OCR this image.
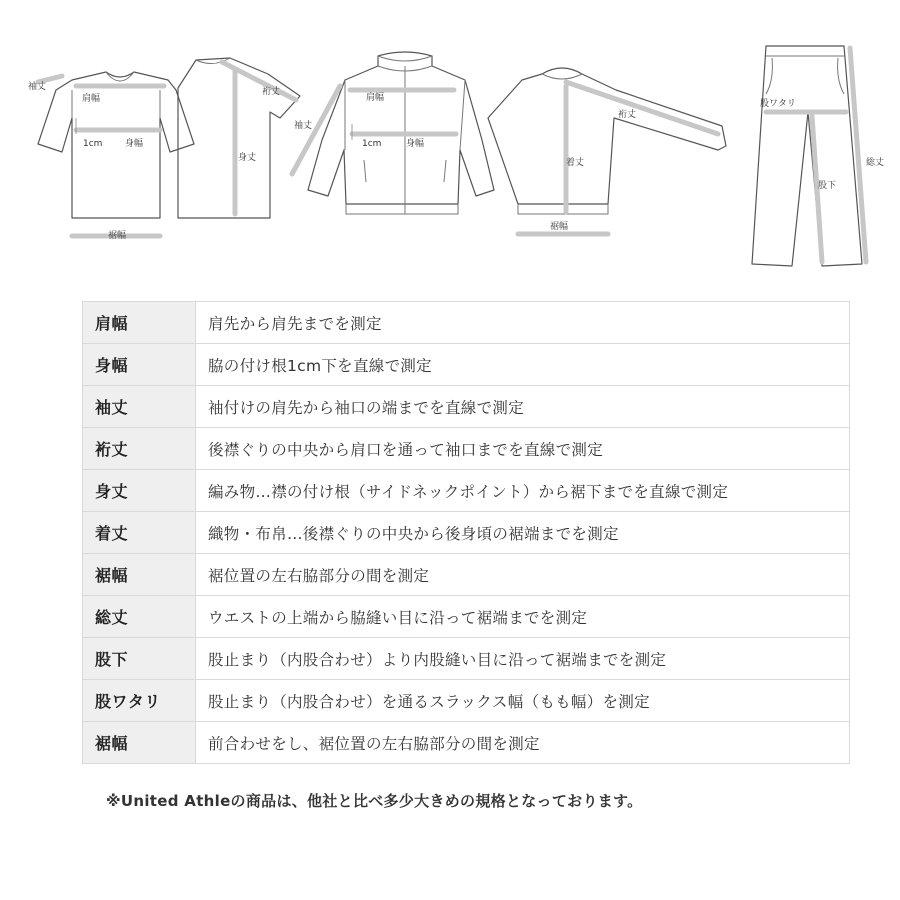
袖丈
肩幅
1cm	身幅
裾幅
裄丈
身丈
袖丈
肩幅
1cm	身幅
裄丈
着丈
裾幅
股ワタリ
股下
総丈
肩幅	肩先から肩先までを測定
身幅	脇の付け根1cm下を直線で測定
袖丈	袖付けの肩先から袖口の端までを直線で測定
裄丈	後襟ぐりの中央から肩口を通って袖口までを直線で測定
身丈	編み物…襟の付け根（サイドネックポイント）から裾下までを直線で測定
着丈	織物・布帛…後襟ぐりの中央から後身頃の裾端までを測定
裾幅	裾位置の左右脇部分の間を測定
総丈	ウエストの上端から脇縫い目に沿って裾端までを測定
股下	股止まり（内股合わせ）より内股縫い目に沿って裾端までを測定
股ワタリ	股止まり（内股合わせ）を通るスラックス幅（もも幅）を測定
裾幅	前合わせをし、裾位置の左右脇部分の間を測定
※United Athleの商品は、他社と比べ多少大きめの規格となっております。
